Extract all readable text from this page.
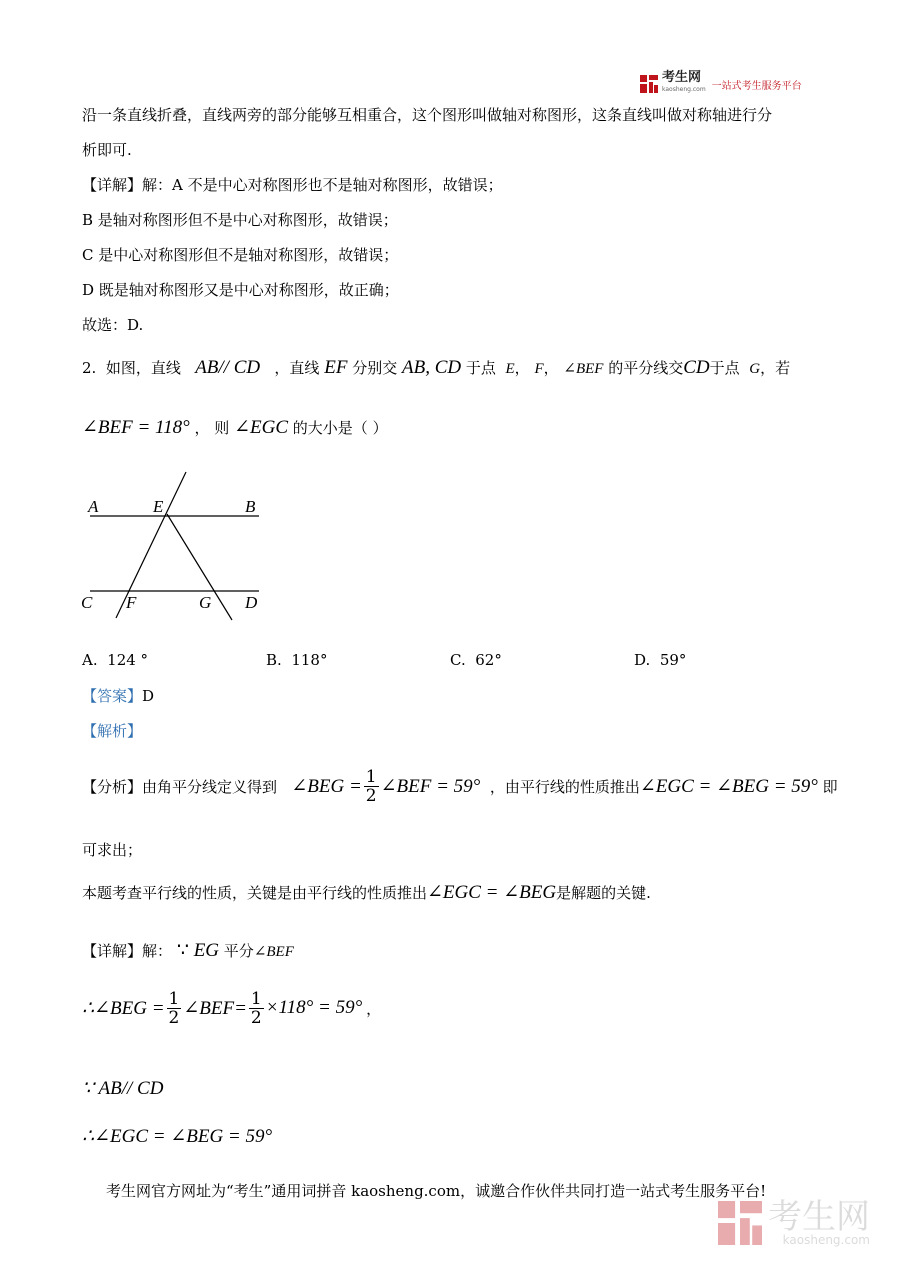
考生网
kaosheng.com 一站式考生服务平台
沿一条直线折叠，直线两旁的部分能够互相重合，这个图形叫做轴对称图形，这条直线叫做对称轴进行分
析即可.
【详解】解：A 不是中心对称图形也不是轴对称图形，故错误；
B 是轴对称图形但不是中心对称图形，故错误；
C 是中心对称图形但不是轴对称图形，故错误；
D 既是轴对称图形又是中心对称图形，故正确；
故选：D.
2. 如图，直线 AB// CD ，直线 EF 分别交 AB, CD 于点 E， F， ∠BEF 的平分线交CD于点 G，若
∠BEF = 118° ， 则 ∠EGC 的大小是（ ）
A	E	B
C F	G D
A. 124 °	B. 118°	C. 62°	D. 59°
【答案】D
【解析】
【分析】 由角平分线定义得到
∠BEG = $\frac{1}{2}$ ∠BEF = 59°
，由平行线的性质推出 ∠EGC = ∠BEG = 59°
即
可求出；
本题考查平行线的性质，关键是由平行线的性质推出∠EGC = ∠BEG是解题的关键.
【详解】解： ∵ EG 平分∠BEF
∴∠BEG = $\frac{1}{2}$ ∠BEF= $\frac{1}{2} \times 118^\circ = 59^\circ$ ，
∵ AB// CD
∴∠EGC = ∠BEG = 59°
考生网官方网址为“考生”通用词拼音 kaosheng.com，诚邀合作伙伴共同打造一站式考生服务平台!
考生网
kaosheng.com
